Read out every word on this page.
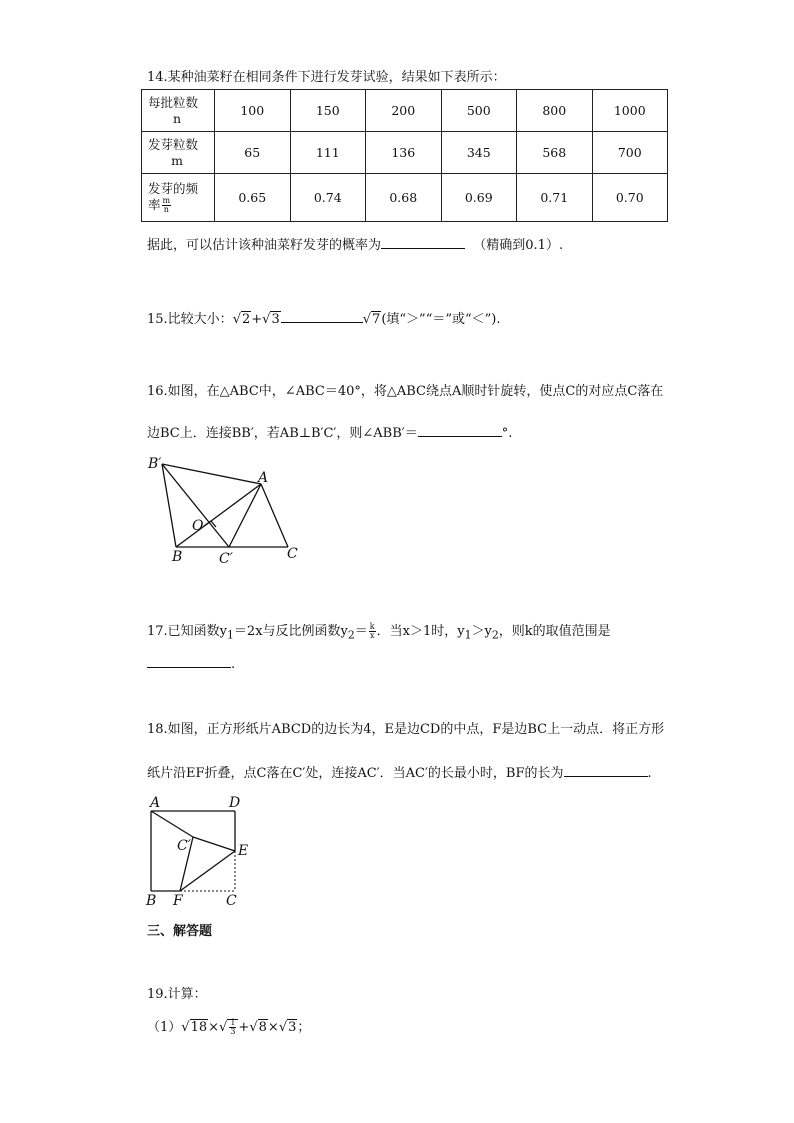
14.某种油菜籽在相同条件下进行发芽试验，结果如下表所示：
每批粒数
n	100	150	200	500	800	1000
发芽粒数
m	65	111	136	345	568	700
发芽的频
率 $\frac{m}{n}$	0.65	0.74	0.68	0.69	0.71	0.70
据此，可以估计该种油菜籽发芽的概率为	（精确到0.1）.
15.比较大小：√2+√3	√7(填“＞”“＝”或“＜”).
16.如图，在△ABC中，∠ABC＝40°，将△ABC绕点A顺时针旋转，使点C的对应点C落在
边BC上．连接BB′，若AB⊥B′C′，则∠ABB′＝	°.
B′
A
O
B	C′	C
17.已知函数$y_1=2x$与反比例函数$y_2= \frac{k}{x}$ ．当x＞1时，$y_1>y_2$，则k的取值范围是
.
18.如图，正方形纸片ABCD的边长为4，E是边CD的中点，F是边BC上一动点．将正方形
纸片沿EF折叠，点C落在C′处，连接AC′．当AC′的长最小时，BF的长为	.
A	D
C′	E
B F	C
三、解答题
19.计算：
$(1)√18\times√ \frac{1}{3} +√8\times√3$；
